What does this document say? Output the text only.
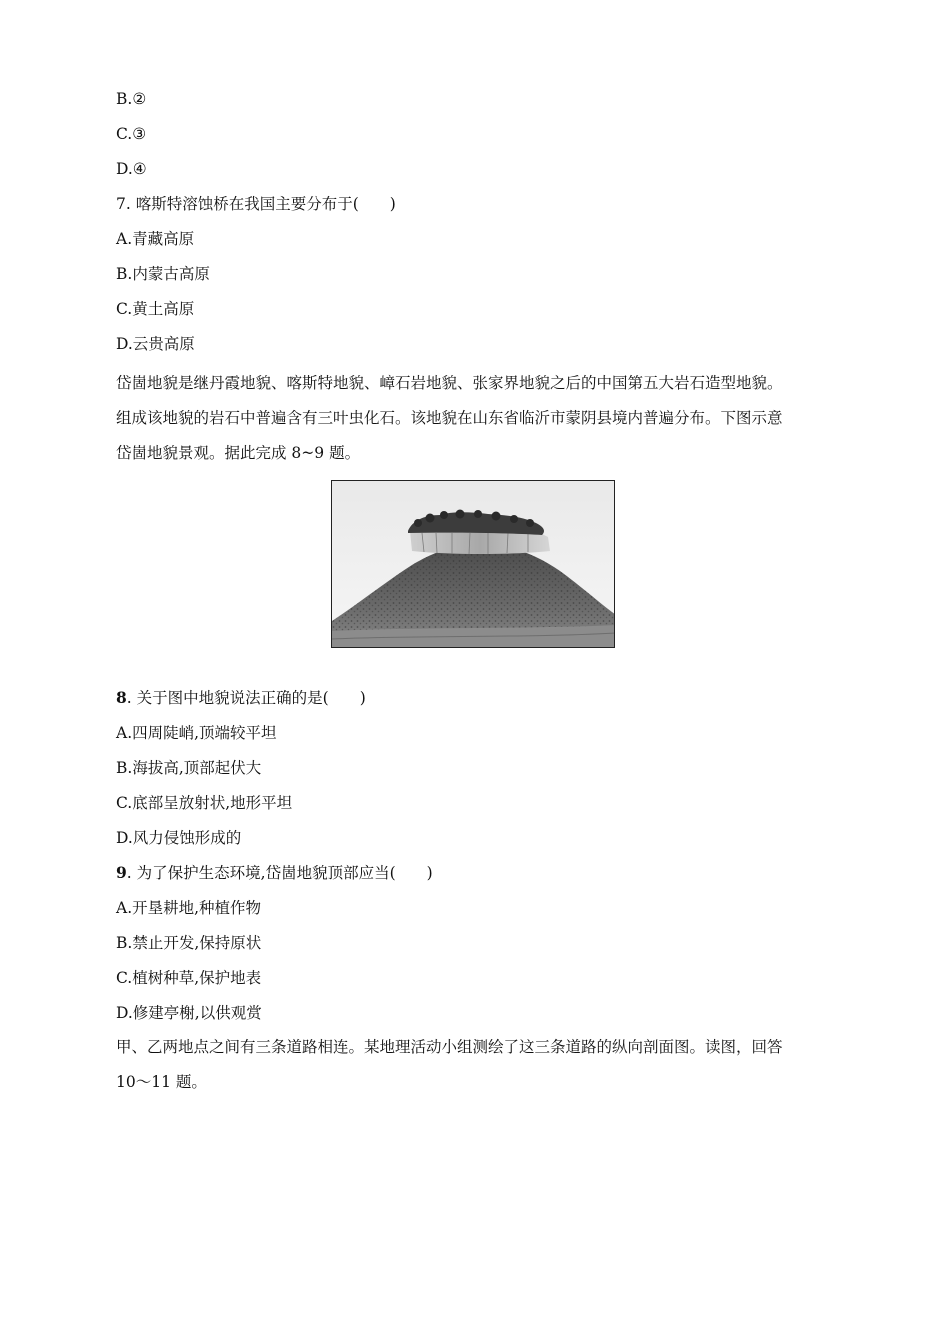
B.②
C.③
D.④
7. 喀斯特溶蚀桥在我国主要分布于(　　)
A.青藏高原
B.内蒙古高原
C.黄土高原
D.云贵高原
岱崮地貌是继丹霞地貌、喀斯特地貌、嶂石岩地貌、张家界地貌之后的中国第五大岩石造型地貌。
组成该地貌的岩石中普遍含有三叶虫化石。该地貌在山东省临沂市蒙阴县境内普遍分布。下图示意
岱崮地貌景观。据此完成 8~9 题。
8. 关于图中地貌说法正确的是(　　)
A.四周陡峭,顶端较平坦
B.海拔高,顶部起伏大
C.底部呈放射状,地形平坦
D.风力侵蚀形成的
9. 为了保护生态环境,岱崮地貌顶部应当(　　)
A.开垦耕地,种植作物
B.禁止开发,保持原状
C.植树种草,保护地表
D.修建亭榭,以供观赏
甲、乙两地点之间有三条道路相连。某地理活动小组测绘了这三条道路的纵向剖面图。读图，回答
10～11 题。
